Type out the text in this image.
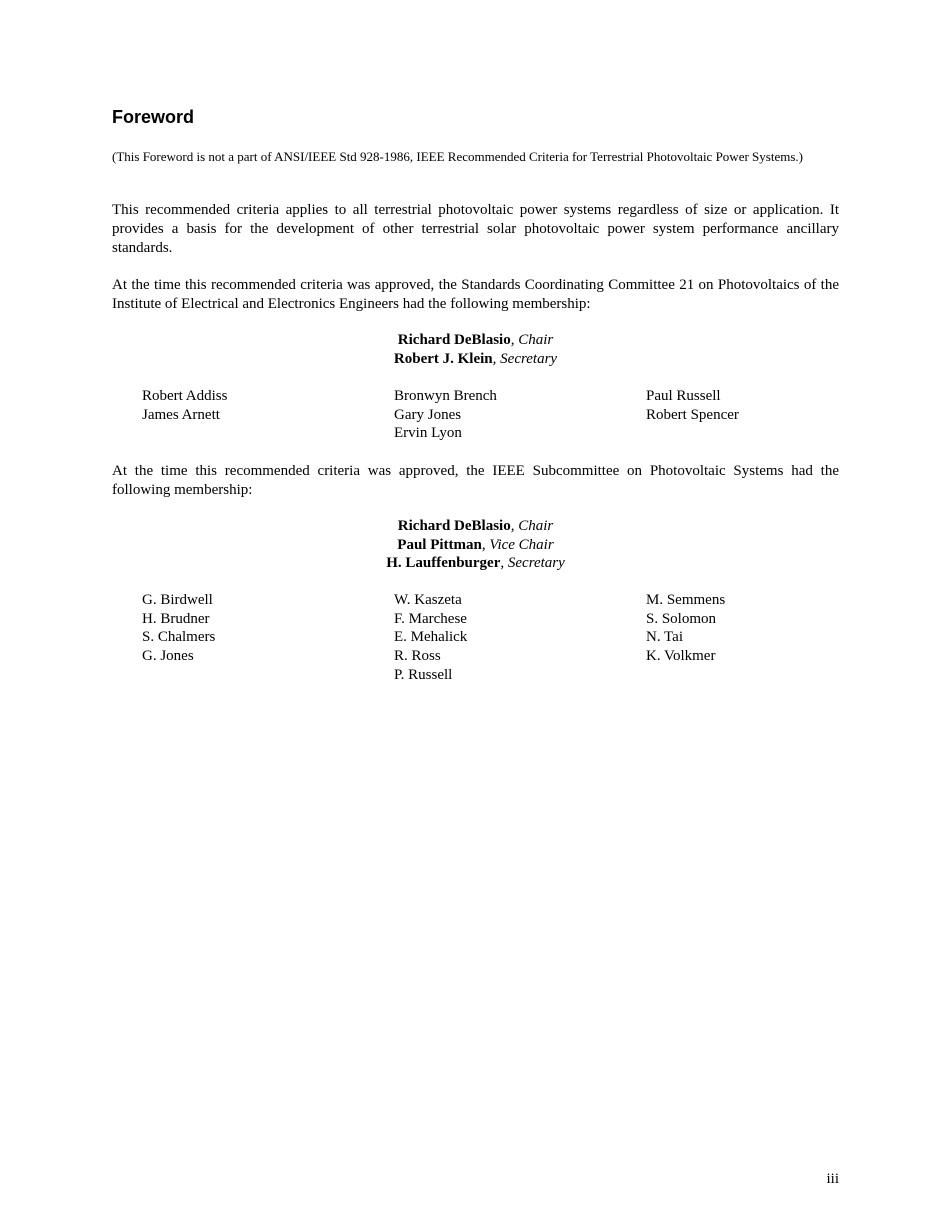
Foreword

(This Foreword is not a part of ANSI/IEEE Std 928-1986, IEEE Recommended Criteria for Terrestrial Photovoltaic Power Systems.)

This recommended criteria applies to all terrestrial photovoltaic power systems regardless of size or application. It provides a basis for the development of other terrestrial solar photovoltaic power system performance ancillary standards.

At the time this recommended criteria was approved, the Standards Coordinating Committee 21 on Photovoltaics of the Institute of Electrical and Electronics Engineers had the following membership:

Richard DeBlasio, Chair
Robert J. Klein, Secretary
Robert Addiss
James Arnett
Bronwyn Brench
Gary Jones
Ervin Lyon
Paul Russell
Robert Spencer

At the time this recommended criteria was approved, the IEEE Subcommittee on Photovoltaic Systems had the following membership:

Richard DeBlasio, Chair
Paul Pittman, Vice Chair
H. Lauffenburger, Secretary
G. Birdwell
H. Brudner
S. Chalmers
G. Jones
W. Kaszeta
F. Marchese
E. Mehalick
R. Ross
P. Russell
M. Semmens
S. Solomon
N. Tai
K. Volkmer
iii
